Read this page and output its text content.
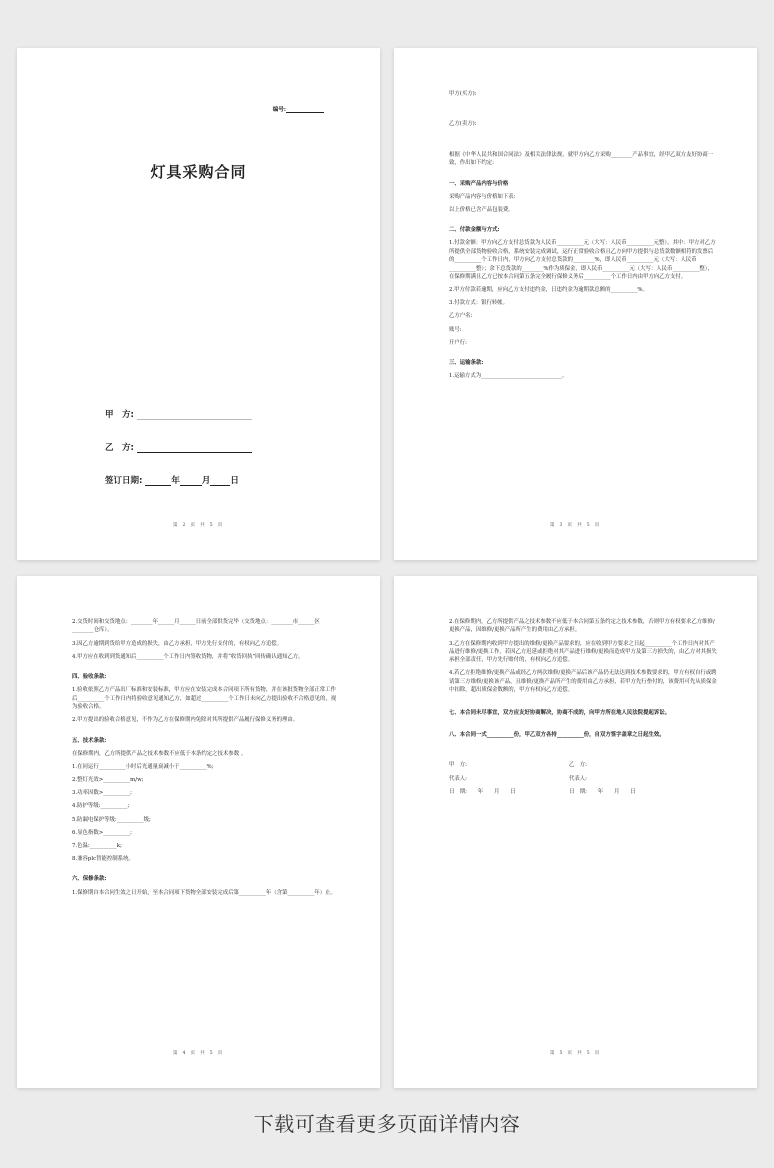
编号:
灯具采购合同
甲　方:
乙　方:
签订日期:	年	月 日
第 2 页 共 5 页

甲方(买方):

乙方(卖方):

根据《中华人民共和国合同法》及相关法律法规，就甲方向乙方采购________产品事宜，经甲乙双方友好协商一致，作出如下约定:

一、采购产品内容与价格

采购产品内容与价格如下表:

以上价格已含产品包装费。

二、付款金额与方式:

1.付款金额：甲方向乙方支付总货款为人民币__________元（大写：人民币__________元整）。其中：甲方对乙方所提供全部货物验收合格，系统安装完成调试，运行正常验收合格且乙方向甲方提供与总货款数额相符的发票后的__________个工作日内，甲方向乙方支付总货款的________%，即人民币__________元（大写：人民币__________整）；余下总货款的________%作为质保金，即人民币__________元（大写：人民币__________整），在保修期满且乙方已按本合同第五条完全履行保修义务后__________个工作日内由甲方向乙方支付。

2.甲方付款若逾期，应向乙方支付违约金，日违约金为逾期款总额的__________%。

3.付款方式：银行转帐。

乙方户名:

账号:

开户行:

三、运输条款:

1.运输方式为______________________________。

第 3 页 共 5 页

2.交货时间和交货地点：________年______月______日前全部供货完毕（交货地点：________市______区________仓库）。

3.因乙方逾期到货给甲方造成的损失，由乙方承担，甲方先行支付的，有权向乙方追偿。

4.甲方应在收到到货通知后__________个工作日内签收货物，并将“收货回执”回传确认通知乙方。

四、验收条款:

1.验收依照乙方产品出厂标准和安装标准，甲方应在安装完成本合同项下所有货物，并在该批货物全部正常工作后__________个工作日内将验收意见通知乙方，如超过__________个工作日未向乙方提出验收不合格意见的，视为验收合格。

2.甲方提出的验收合格意见，不作为乙方在保修期内免除对其所提供产品履行保修义务的理由。

五、技术条款:

在保修期内，乙方所提供产品之技术参数不应低于本条约定之技术参数 。

1.在同运行__________小时后光通量衰减小于__________%;

2.整灯光效>__________m/w;

3.功率因数>__________;

4.防护等级:__________;

5.防漏电保护等级:__________级;

6.显色指数>__________;

7.色温:__________k;

8.兼容plc智能控制系统。

六、保修条款:

1.保修期自本合同生效之日开始，至本合同项下货物全部安装完成后第__________年（含第__________年）止。

第 4 页 共 5 页

2.在保修期内，乙方所提供产品之技术参数不应低于本合同第五条约定之技术参数，否则甲方有权要求乙方维修/更换产品，因维修/更换产品所产生的费用由乙方承担。

3.乙方在保修期内收到甲方提出的维修/更换产品要求的，应在收到甲方要求之日起__________个工作日内对其产品进行维修/更换工作，若因乙方迟延或拒绝对其产品进行维修/更换而造成甲方及第三方损失的，由乙方对其损失承担全部责任，甲方先行赔付的，有权向乙方追偿。

4.若乙方拒绝维修/更换产品或经乙方两次维修/更换产品后该产品仍无法达到技术参数要求的，甲方有权自行或聘请第三方维修/更换该产品，且维修/更换产品所产生的费用由乙方承担，若甲方先行垫付的，该费用可先从质保金中扣除，超出质保金数额的，甲方有权向乙方追偿。

七、本合同未尽事宜，双方应友好协商解决，协商不成的，向甲方所在地人民法院提起诉讼。

八、本合同一式__________份，甲乙双方各持__________份，自双方签字盖章之日起生效。

甲　方:	乙　方:

代表人:	代表人:

日　期:　　年　　月　　日	日　期:　　年　　月　　日

第 5 页 共 5 页
下载可查看更多页面详情内容
